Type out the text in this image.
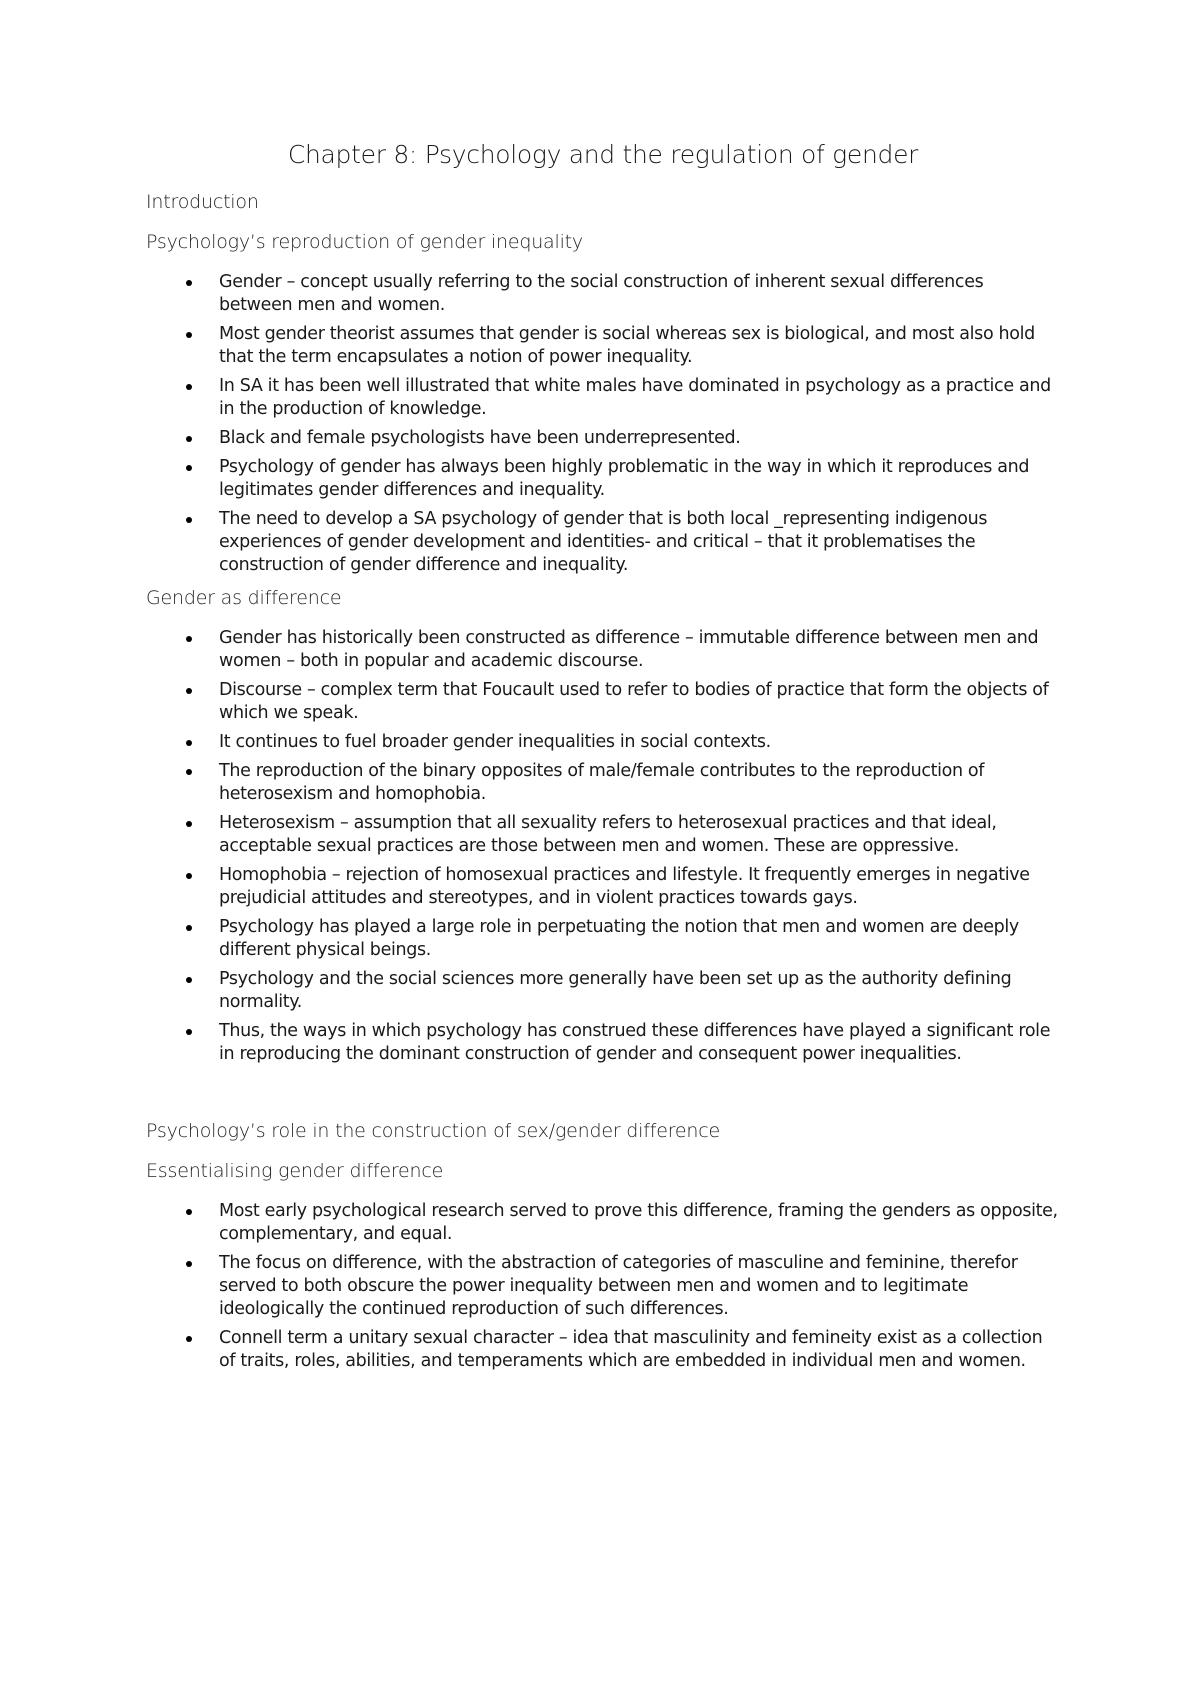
Chapter 8: Psychology and the regulation of gender
Introduction
Psychology’s reproduction of gender inequality
Gender – concept usually referring to the social construction of inherent sexual differences between men and women.
Most gender theorist assumes that gender is social whereas sex is biological, and most also hold that the term encapsulates a notion of power inequality.
In SA it has been well illustrated that white males have dominated in psychology as a practice and in the production of knowledge.
Black and female psychologists have been underrepresented.
Psychology of gender has always been highly problematic in the way in which it reproduces and legitimates gender differences and inequality.
The need to develop a SA psychology of gender that is both local _representing indigenous experiences of gender development and identities- and critical – that it problematises the construction of gender difference and inequality.
Gender as difference
Gender has historically been constructed as difference – immutable difference between men and women – both in popular and academic discourse.
Discourse – complex term that Foucault used to refer to bodies of practice that form the objects of which we speak.
It continues to fuel broader gender inequalities in social contexts.
The reproduction of the binary opposites of male/female contributes to the reproduction of heterosexism and homophobia.
Heterosexism – assumption that all sexuality refers to heterosexual practices and that ideal, acceptable sexual practices are those between men and women. These are oppressive.
Homophobia – rejection of homosexual practices and lifestyle. It frequently emerges in negative prejudicial attitudes and stereotypes, and in violent practices towards gays.
Psychology has played a large role in perpetuating the notion that men and women are deeply different physical beings.
Psychology and the social sciences more generally have been set up as the authority defining normality.
Thus, the ways in which psychology has construed these differences have played a significant role in reproducing the dominant construction of gender and consequent power inequalities.
Psychology’s role in the construction of sex/gender difference
Essentialising gender difference
Most early psychological research served to prove this difference, framing the genders as opposite, complementary, and equal.
The focus on difference, with the abstraction of categories of masculine and feminine, therefor served to both obscure the power inequality between men and women and to legitimate ideologically the continued reproduction of such differences.
Connell term a unitary sexual character – idea that masculinity and femineity exist as a collection of traits, roles, abilities, and temperaments which are embedded in individual men and women.
